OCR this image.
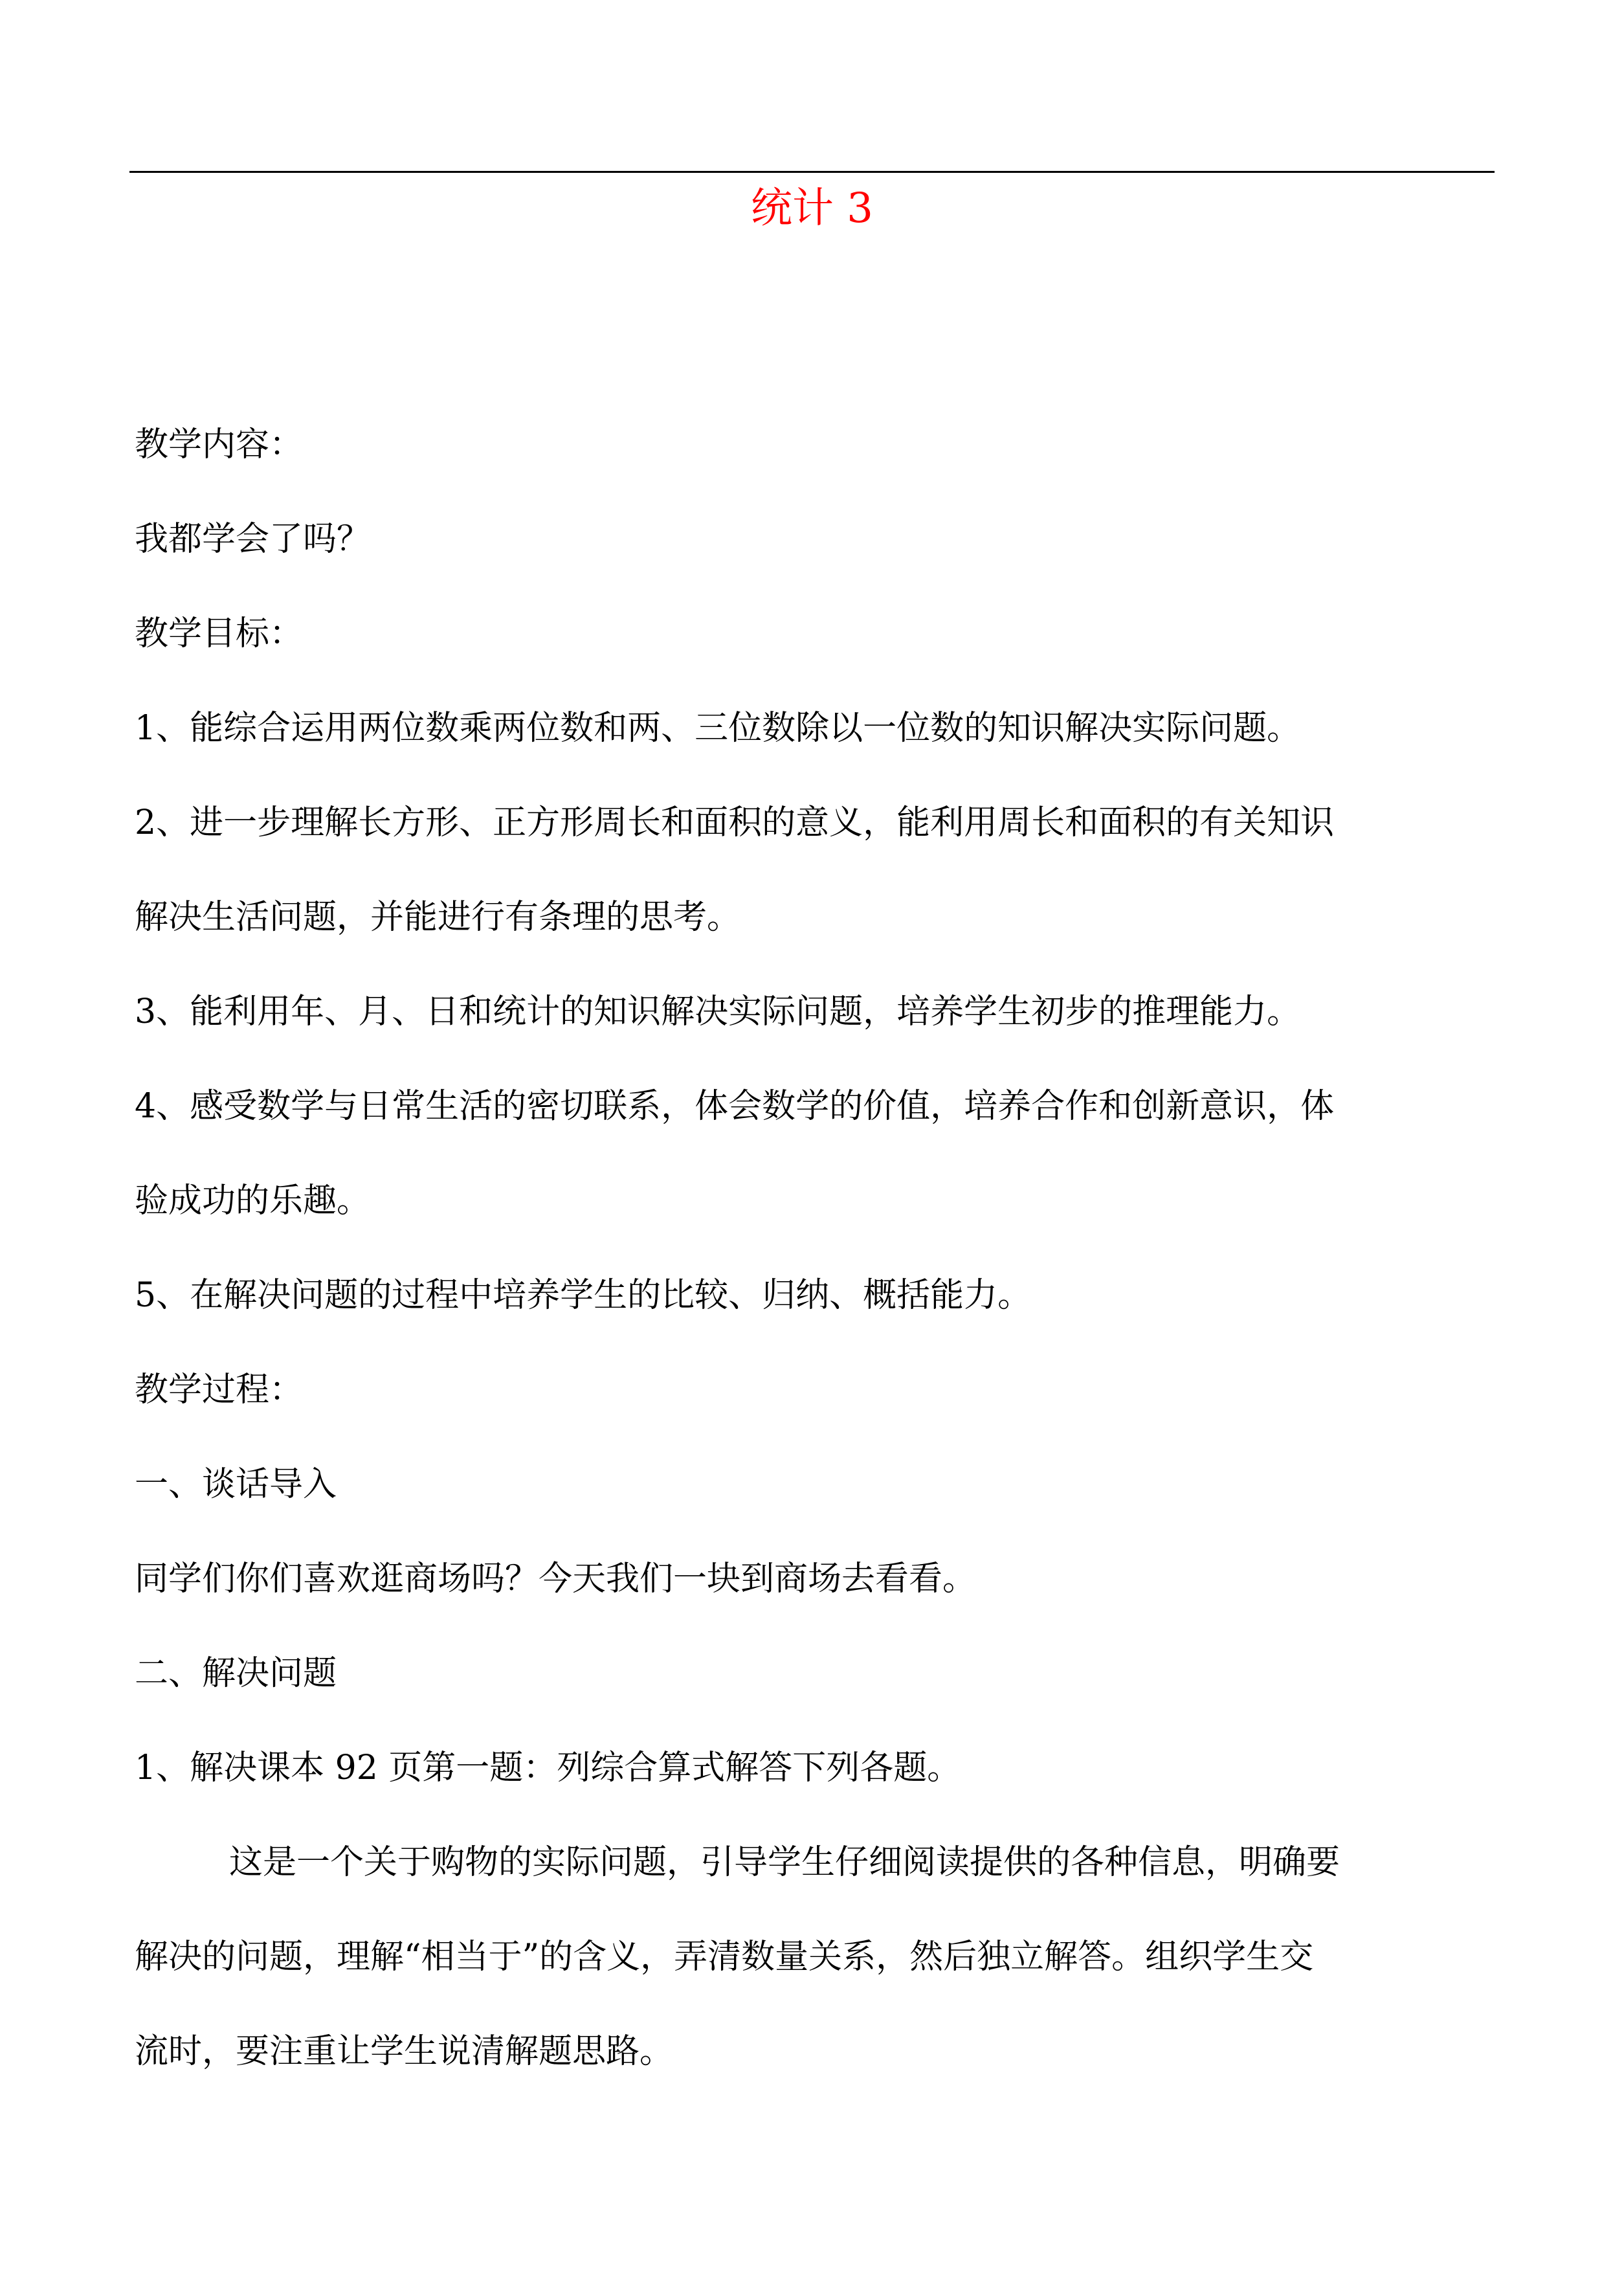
统计 3

教学内容：

我都学会了吗？

教学目标：

1、能综合运用两位数乘两位数和两、三位数除以一位数的知识解决实际问题。

2、进一步理解长方形、正方形周长和面积的意义，能利用周长和面积的有关知识

解决生活问题，并能进行有条理的思考。

3、能利用年、月、日和统计的知识解决实际问题，培养学生初步的推理能力。

4、感受数学与日常生活的密切联系，体会数学的价值，培养合作和创新意识，体

验成功的乐趣。

5、在解决问题的过程中培养学生的比较、归纳、概括能力。

教学过程：

一、谈话导入

同学们你们喜欢逛商场吗？今天我们一块到商场去看看。

二、解决问题

1、解决课本 92 页第一题：列综合算式解答下列各题。

这是一个关于购物的实际问题，引导学生仔细阅读提供的各种信息，明确要

解决的问题，理解“相当于”的含义，弄清数量关系，然后独立解答。组织学生交

流时，要注重让学生说清解题思路。
